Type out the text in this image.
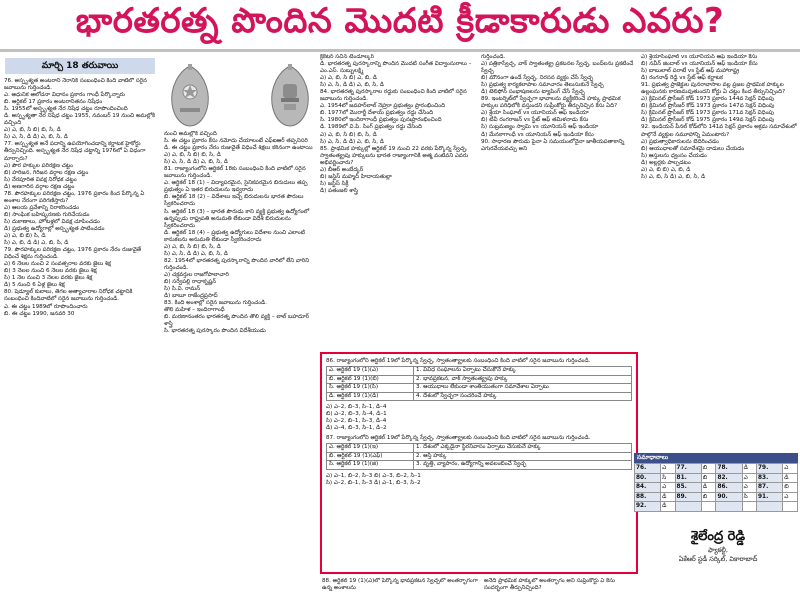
భారతరత్న పొందిన మొదటి క్రీడాకారుడు ఎవరు?
మార్చి 18 తరువాయి

76. అస్పృశ్యత అంటరాని నేరానికి సంబంధించి కింది వాటిలో సరైన జవాబును గుర్తించండి.

ఎ. ఆధునిక ఆలోచనా విధానం ప్రకారం గాంధీ పేర్కొన్నారు

బి. ఆర్టికల్ 17 ప్రకారం అంటరానితనం నిషేధం

సి. 1955లో అస్పృశ్యత నేర నిషేధ చట్టం రూపొందించింది

డి. అస్పృశ్యతా నేర నిషేధ చట్టం 1955, నవంబర్ 19 నుంచి అమల్లోకి వచ్చింది

ఎ) ఎ, బి, సి బి) బి, సి, డి

సి) ఎ, సి, డి డి) ఎ, బి, సి, డి

77. అస్పృశ్యత అనే పదాన్ని ఉపయోగించడాన్ని కర్ణాటక హైకోర్టు తీర్పునిచ్చింది. అస్పృశ్యత నేర నిషేధ చట్టాన్ని 1976లో ఏ విధంగా మార్చారు?

ఎ) పౌర హక్కుల పరిరక్షణ చట్టం

బి) హరిజన, గిరిజన వర్గాల రక్షణ చట్టం

సి) నేరపూరిత వివక్ష నిరోధక చట్టం

డి) అణగారిన వర్గాల రక్షణ చట్టం

78. పౌరహక్కుల పరిరక్షణ చట్టం, 1976 ప్రకారం కింద పేర్కొన్న ఏ అంశాల నేరంగా పరిగణిస్తారు?

ఎ) ఆలయ ప్రవేశాన్ని నిరాకరించడం

బి) సాంఘిక బహిష్కరణకు గురిచేయడం

సి) దుకాణాలు, హోటళ్లలో వివక్ష చూపించడం

డి) ప్రభుత్వ ఉద్యోగాల్లో అస్పృశ్యత పాటించడం

ఎ) ఎ, బి బి) సి, డి

సి) ఎ, బి, డి డి) ఎ, బి, సి, డి

79. పౌరహక్కుల పరిరక్షణ చట్టం, 1976 ప్రకారం నేరం రుజువైతే విధించే శిక్షను గుర్తించండి.

ఎ) 6 నెలల నుంచి 2 సంవత్సరాల వరకు జైలు శిక్ష

బి) 3 నెలల నుంచి 6 నెలల వరకు జైలు శిక్ష

సి) 1 నెల నుంచి 3 నెలల వరకు జైలు శిక్ష

డి) 5 నుంచి 6 ఏళ్ల జైలు శిక్ష

80. షెడ్యూల్ కులాలు, తెగల అత్యాచారాల నిరోధక చట్టానికి సంబంధించి కిందివాటిలో సరైన జవాబును గుర్తించండి.

ఎ. ఈ చట్టం 1989లో రూపొందించారు

బి. ఈ చట్టం 1990, జనవరి 30

నుంచి అమల్లోకి వచ్చింది

సి. ఈ చట్టం ప్రకారం కేసు నమోదు చేయాలంటే ఎఫ్ఐఆర్ తప్పనిసరి

డి. ఈ చట్టం ప్రకారం నేరం రుజువైతే విధించే శిక్షలు కఠినంగా ఉంటాయి

ఎ) ఎ, బి, సి బి) బి, సి, డి

సి) ఎ, సి, డి డి) ఎ, బి, సి, డి

81. రాజ్యాంగంలోని ఆర్టికల్ 18కు సంబంధించి కింది వాటిలో సరైన జవాబును గుర్తించండి.

ఎ. ఆర్టికల్ 18 (1) – విద్యాపరమైన, సైనికపరమైన బిరుదులు తప్ప ప్రభుత్వం ఏ ఇతర బిరుదులను ఇవ్వరాదు

బి. ఆర్టికల్ 18 (2) – విదేశాలు ఇచ్చే బిరుదులను భారత పౌరులు స్వీకరించరాదు

సి. ఆర్టికల్ 18 (3) – భారత పౌరుడు కాని వ్యక్తి ప్రభుత్వ ఉద్యోగంలో ఉన్నప్పుడు రాష్ట్రపతి అనుమతి లేకుండా విదేశీ బిరుదులను స్వీకరించరాదు

డి. ఆర్టికల్ 18 (4) – ప్రభుత్వ ఉద్యోగులు విదేశాల నుంచి ఎలాంటి కానుకలను అనుమతి లేకుండా స్వీకరించరాదు

ఎ) ఎ, బి, సి బి) బి, సి, డి

సి) ఎ, సి, డి డి) ఎ, బి, సి, డి

82. 1954లో భారతరత్న పురస్కారాన్ని పొందిన వారిలో లేని వారిని గుర్తించండి.

ఎ) చక్రవర్తుల రాజగోపాలాచారి

బి) సర్వేపల్లి రాధాకృష్ణన్

సి) సి.వి. రామన్

డి) బాబూ రాజేంద్రప్రసాద్

83. కింది అంశాల్లో సరైన జవాబును గుర్తించండి.

తొలి మహిళ – ఇందిరాగాంధీ

బి. మరణానంతరం భారతరత్న పొందిన తొలి వ్యక్తి – లాల్ బహదూర్ శాస్త్రి

సి. భారతరత్న పురస్కారం పొందిన విదేశీయుడు

క్రికెటర్ సచిన్ టెండూల్కర్

డి. భారతరత్న పురస్కారాన్ని పొందిన మొదటి సంగీత విద్వాంసురాలు – ఎం.ఎస్. సుబ్బులక్ష్మి

ఎ) ఎ, బి, సి బి) ఎ, బి, డి

సి) ఎ, సి, డి డి) ఎ, బి, సి, డి

84. భారతరత్న పురస్కారాల రద్దుకు సంబంధించి కింది వాటిలో సరైన జవాబును గుర్తించండి.

ఎ. 1954లో జవహర్‌లాల్ నెహ్రూ ప్రభుత్వం ప్రారంభించింది

బి. 1977లో మొరార్జీ దేశాయ్ ప్రభుత్వం రద్దు చేసింది

సి. 1980లో ఇందిరాగాంధీ ప్రభుత్వం పునఃప్రారంభించింది

డి. 1989లో వి.పి. సింగ్ ప్రభుత్వం రద్దు చేసింది

ఎ) ఎ, బి, సి బి) బి, సి, డి

సి) ఎ, సి, డి డి) ఎ, బి, సి, డి

85. ప్రాథమిక హక్కుల్లో ఆర్టికల్ 19 నుంచి 22 వరకు పేర్కొన్న స్వేచ్ఛ, స్వాతంత్య్రపు హక్కులను భారత రాజ్యాంగానికి అత్మ వంటివని ఎవరు అభివర్ణించారు?

ఎ) బీఆర్ అంబేద్కర్

బి) జస్టిస్ మహ్మద్ హిదాయతుల్లా

సి) జస్టిస్ సిక్రీ

డి) పతంజలి శాస్త్రి

గుర్తించండి.

ఎ) పత్రికాస్వేచ్ఛ, వాక్ స్వాతంత్య్ర ప్రకటనల స్వేచ్ఛ, బంద్‌లను ప్రకటించే స్వేచ్ఛ

బి) మౌనంగా ఉండే స్వేచ్ఛ, నిరసన వ్యక్తం చేసే స్వేచ్ఛ

సి) ప్రభుత్వ కార్యకలాపాల సమాచారం తెలుసుకునే స్వేచ్ఛ

డి) టెలిఫోన్ సంభాషణలను ట్యాపింగ్ చేసే స్వేచ్ఛ

89. ఇంటర్నెట్‌లో స్వేచ్ఛగా భావాలను వ్యక్తీకరించే హక్కు ప్రాథమిక హక్కుల పరిధిలోకి వస్తుందని సుప్రీంకోర్టు తీర్పునిచ్చిన కేసు ఏది?

ఎ) శ్రేయా సింఘాల్ vs యూనియన్ ఆఫ్ ఇండియా

బి) టీవీ రంగరాజన్ vs స్టేట్ ఆఫ్ తమిళనాడు కేసు

సి) సుబ్రమణ్యం స్వామి vs యూనియన్ ఆఫ్ ఇండియా

డి) మేనకాగాంధీ vs యూనియన్ ఆఫ్ ఇండియా కేసు

90. సాధారణ పౌరుడు పైనా ఏ సమయంలోనైనా జాతీయపతాకాన్ని ఎగురవేయవచ్చు అని

ఎ) శ్రేయాసింఘాల్ vs యూనియన్ ఆఫ్ ఇండియా కేసు

బి) నవీన్ జిందాల్ vs యూనియన్ ఆఫ్ ఇండియా కేసు

సి) బాబులాల్ పరాటే vs స్టేట్ ఆఫ్ మహారాష్ట్ర

డి) రంగనాథ్ రెడ్డి vs స్టేట్ ఆఫ్ కర్ణాటక

91. ప్రభుత్వ ప్రాజెక్టుల పునరావాసాల వల్ల ప్రజల ప్రాథమిక హక్కుల ఉల్లంఘనకు కారణమవుతుందని కోర్టు ఏ చట్టం కింద తీర్పునిచ్చింది?

ఎ) క్రిమినల్ ప్రొసీజర్ కోడ్ 1973 ప్రకారం 144వ సెక్షన్ విధింపు

బి) క్రిమినల్ ప్రొసీజర్ కోడ్ 1973 ప్రకారం 147వ సెక్షన్ విధింపు

సి) క్రిమినల్ ప్రొసీజర్ కోడ్ 1973 ప్రకారం 171వ సెక్షన్ విధింపు

డి) క్రిమినల్ ప్రొసీజర్ కోడ్ 1975 ప్రకారం 149వ సెక్షన్ విధింపు

92. ఇండియన్ పీనల్ కోడ్‌లోని 141వ సెక్షన్ ప్రకారం అక్రమ సమావేశంలో పాల్గొనే వ్యక్తుల సమూహాన్ని ఏమంటారు?

ఎ) ప్రభుత్వాధికారులను బెదిరించడం

బి) ఆయుధాలతో సమావేశమై దాడులు చేయడం

సి) ఆస్తులను ధ్వంసం చేయడం

డి) అల్లర్లకు పాల్పడటం

ఎ) ఎ, బి బి) ఎ, బి, డి

సి) ఎ, బి, సి డి) ఎ, బి, సి, డి

86. రాజ్యాంగంలోని ఆర్టికల్ 19లో పేర్కొన్న స్వేచ్ఛ, స్వాతంత్య్రాలకు సంబంధించి కింది వాటిలో సరైన జవాబును గుర్తించండి.

ఎ. ఆర్టికల్ 19 (1)(ఎ)	1. వివిధ సంఘాలను ఏర్పాటు చేసుకొనే హక్కు
బి. ఆర్టికల్ 19 (1)(బి)	2. భావప్రకటన, వాక్ స్వాతంత్య్రపు హక్కు
సి. ఆర్టికల్ 19 (1)(సి)	3. ఆయుధాలు లేకుండా శాంతియుతంగా సమావేశాల ఏర్పాటు
డి. ఆర్టికల్ 19 (1)(డి)	4. దేశంలో స్వేచ్ఛగా సంచరించే హక్కు

ఎ) ఎ–2, బి–3, సి–1, డి–4

బి) ఎ–2, బి–3, సి–4, డి–1

సి) ఎ–2, బి–1, సి–3, డి–4

డి) ఎ–4, బి–3, సి–1, డి–2

87. రాజ్యాంగంలోని ఆర్టికల్ 19లో పేర్కొన్న స్వేచ్ఛ, స్వాతంత్య్రాలకు సంబంధించి కింది వాటిలో సరైన జవాబును గుర్తించండి.

ఎ. ఆర్టికల్ 19 (1)(ఇ)	1. దేశంలో ఎక్కడైనా స్థిరనివాసం ఏర్పాటు చేసుకునే హక్కు
బి. ఆర్టికల్ 19 (1)(ఎఫ్)	2. ఆస్తి హక్కు
సి. ఆర్టికల్ 19 (1)(జి)	3. వృత్తి, వ్యాపారం, ఉద్యోగాన్ని అవలంబించే స్వేచ్ఛ

ఎ) ఎ–1, బి–2, సి–3 బి) ఎ–3, బి–2, సి–1

సి) ఎ–2, బి–1, సి–3 డి) ఎ–1, బి–3, సి–2

88. ఆర్టికల్ 19 (1)(ఎ)లో పేర్కొన్న భావప్రకటన స్వేచ్ఛలో అంతర్భాగంగా ఉన్న అంశాలను

అనేది ప్రాథమిక హక్కులో అంతర్భాగం అని సుప్రీంకోర్టు ఏ కేసు సందర్భంగా తీర్పునిచ్చింది?

సమాధానాలు
76.	ఎ	77.	బి	78.	డి	79.	ఎ
80.	సి	81.	బి	82.	ఎ	83.	డి
84.	ఎ	85.	డి	86.	ఎ	87.	బి
88.	డి	89.	బి	90.	సి	91.	ఎ
92.	డి						
శైలేంద్ర రెడ్డి
ఫ్యాకల్టీ,
ఏకేఆర్ స్టడీ సర్కిల్, వికారాబాద్
